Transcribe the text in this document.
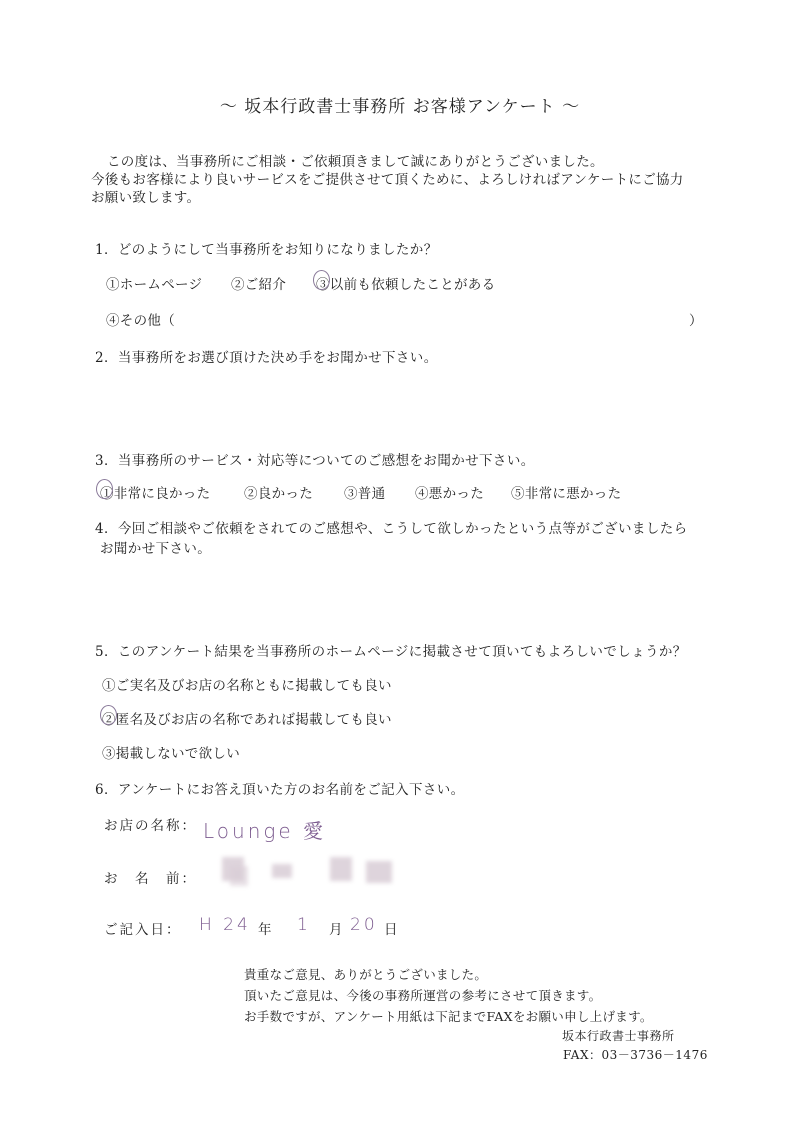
～ 坂本行政書士事務所 お客様アンケート ～
この度は、当事務所にご相談・ご依頼頂きまして誠にありがとうございました。
今後もお客様により良いサービスをご提供させて頂くために、よろしければアンケートにご協力
お願い致します。
1．どのようにして当事務所をお知りになりましたか？
①ホームページ ②ご紹介 ③以前も依頼したことがある
④その他（	）
2．当事務所をお選び頂けた決め手をお聞かせ下さい。
3．当事務所のサービス・対応等についてのご感想をお聞かせ下さい。
①非常に良かった ②良かった ③普通 ④悪かった ⑤非常に悪かった
4．今回ご相談やご依頼をされてのご感想や、こうして欲しかったという点等がございましたら
お聞かせ下さい。
5．このアンケート結果を当事務所のホームページに掲載させて頂いてもよろしいでしょうか？
①ご実名及びお店の名称ともに掲載しても良い
②匿名及びお店の名称であれば掲載しても良い
③掲載しないで欲しい
6．アンケートにお答え頂いた方のお名前をご記入下さい。
お店の名称： Lounge 愛
お　名　前：
ご記入日： H 24 年 1 月 20 日
貴重なご意見、ありがとうございました。
頂いたご意見は、今後の事務所運営の参考にさせて頂きます。
お手数ですが、アンケート用紙は下記までFAXをお願い申し上げます。
坂本行政書士事務所
FAX：03－3736－1476
